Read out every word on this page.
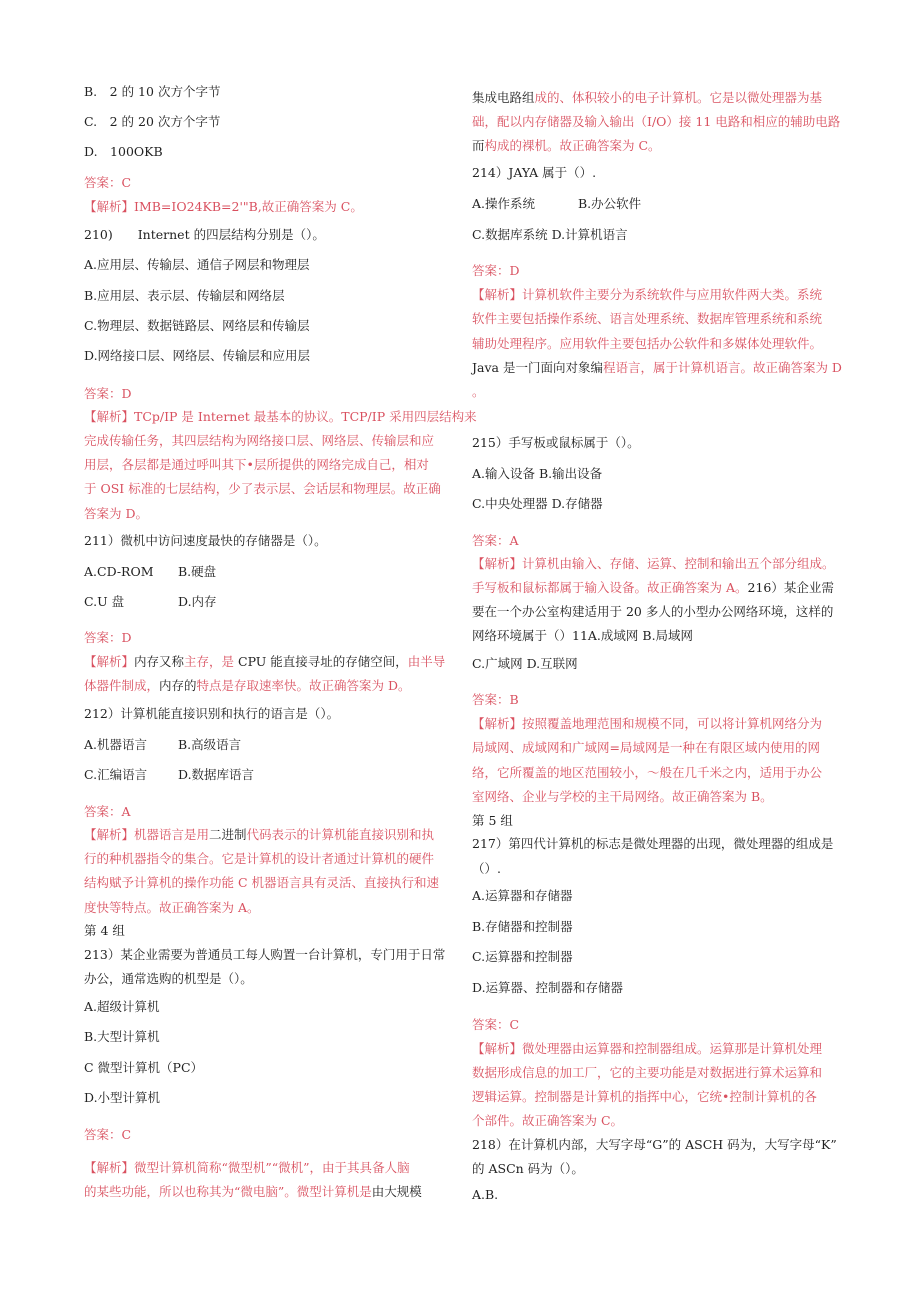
B.　2 的 10 次方个字节
C.　2 的 20 次方个字节
D.　100OKB
答案：C
【解析】IMB=IO24KB=2'"B,故正确答案为 C。
210)　　Internet 的四层结构分别是（）。
A.应用层、传输层、通信子网层和物理层
B.应用层、表示层、传输层和网络层
C.物理层、数据链路层、网络层和传输层
D.网络接口层、网络层、传输层和应用层
答案：D
【解析】TCp/IP 是 Internet 最基本的协议。TCP/IP 采用四层结构来
完成传输任务，其四层结构为网络接口层、网络层、传输层和应
用层，各层都是通过呼叫其下•层所提供的网络完成自己，相对
于 OSI 标准的七层结构，少了表示层、会话层和物理层。故正确
答案为 D。
211）微机中访问速度最快的存储器是（）。
A.CD-ROM B.硬盘
C.U 盘	D.内存
答案：D
【解析】内存又称主存，是 CPU 能直接寻址的存储空间，由半导
体器件制成，内存的特点是存取速率快。故正确答案为 D。
212）计算机能直接识别和执行的语言是（）。
A.机器语言 B.高级语言
C.汇编语言 D.数据库语言
答案：A
【解析】机器语言是用二进制代码表示的计算机能直接识别和执
行的种机器指令的集合。它是计算机的设计者通过计算机的硬件
结构赋予计算机的操作功能 C 机器语言具有灵活、直接执行和速
度快等特点。故正确答案为 A。
第 4 组
213）某企业需要为普通员工每人购置一台计算机，专门用于日常
办公，通常选购的机型是（）。
A.超级计算机
B.大型计算机
C 微型计算机（PC）
D.小型计算机
答案：C
【解析】微型计算机简称“微型机”“微机”，由于其具备人脑
的某些功能，所以也称其为“微电脑”。微型计算机是由大规模
集成电路组成的、体积较小的电子计算机。它是以微处理器为基
础，配以内存储器及输入输出（I/O）接 11 电路和相应的辅助电路
而构成的裸机。故正确答案为 C。
214）JAYA 属于（）.
A.操作系统	B.办公软件
C.数据库系统 D.计算机语言
答案：D
【解析】计算机软件主要分为系统软件与应用软件两大类。系统
软件主要包括操作系统、语言处理系统、数据库管理系统和系统
辅助处理程序。应用软件主要包括办公软件和多媒体处理软件。
Java 是一门面向对象编程语言，属于计算机语言。故正确答案为 D
。
215）手写板或鼠标属于（）。
A.输入设备 B.输出设备
C.中央处理器 D.存储器
答案：A
【解析】计算机由输入、存储、运算、控制和输出五个部分组成。
手写板和鼠标都属于输入设备。故正确答案为 A。216）某企业需
要在一个办公室构建适用于 20 多人的小型办公网络环境，这样的
网络环境属于（）11A.成域网 B.局域网
C.广域网 D.互联网
答案：B
【解析】按照覆盖地理范围和规模不同，可以将计算机网络分为
局域网、成域网和广域网=局域网是一种在有限区域内使用的网
络，它所覆盖的地区范围较小，～般在几千米之内，适用于办公
室网络、企业与学校的主干局网络。故正确答案为 B。
第 5 组
217）第四代计算机的标志是微处理器的出现，微处理器的组成是
（）.
A.运算器和存储器
B.存储器和控制器
C.运算器和控制器
D.运算器、控制器和存储器
答案：C
【解析】微处理器由运算器和控制器组成。运算那是计算机处理
数据形成信息的加工厂，它的主要功能是对数据进行算术运算和
逻辑运算。控制器是计算机的指挥中心，它统•控制计算机的各
个部件。故正确答案为 C。
218）在计算机内部，大写字母“G”的 ASCH 码为，大写字母“K”
的 ASCn 码为（）。
A.B.
